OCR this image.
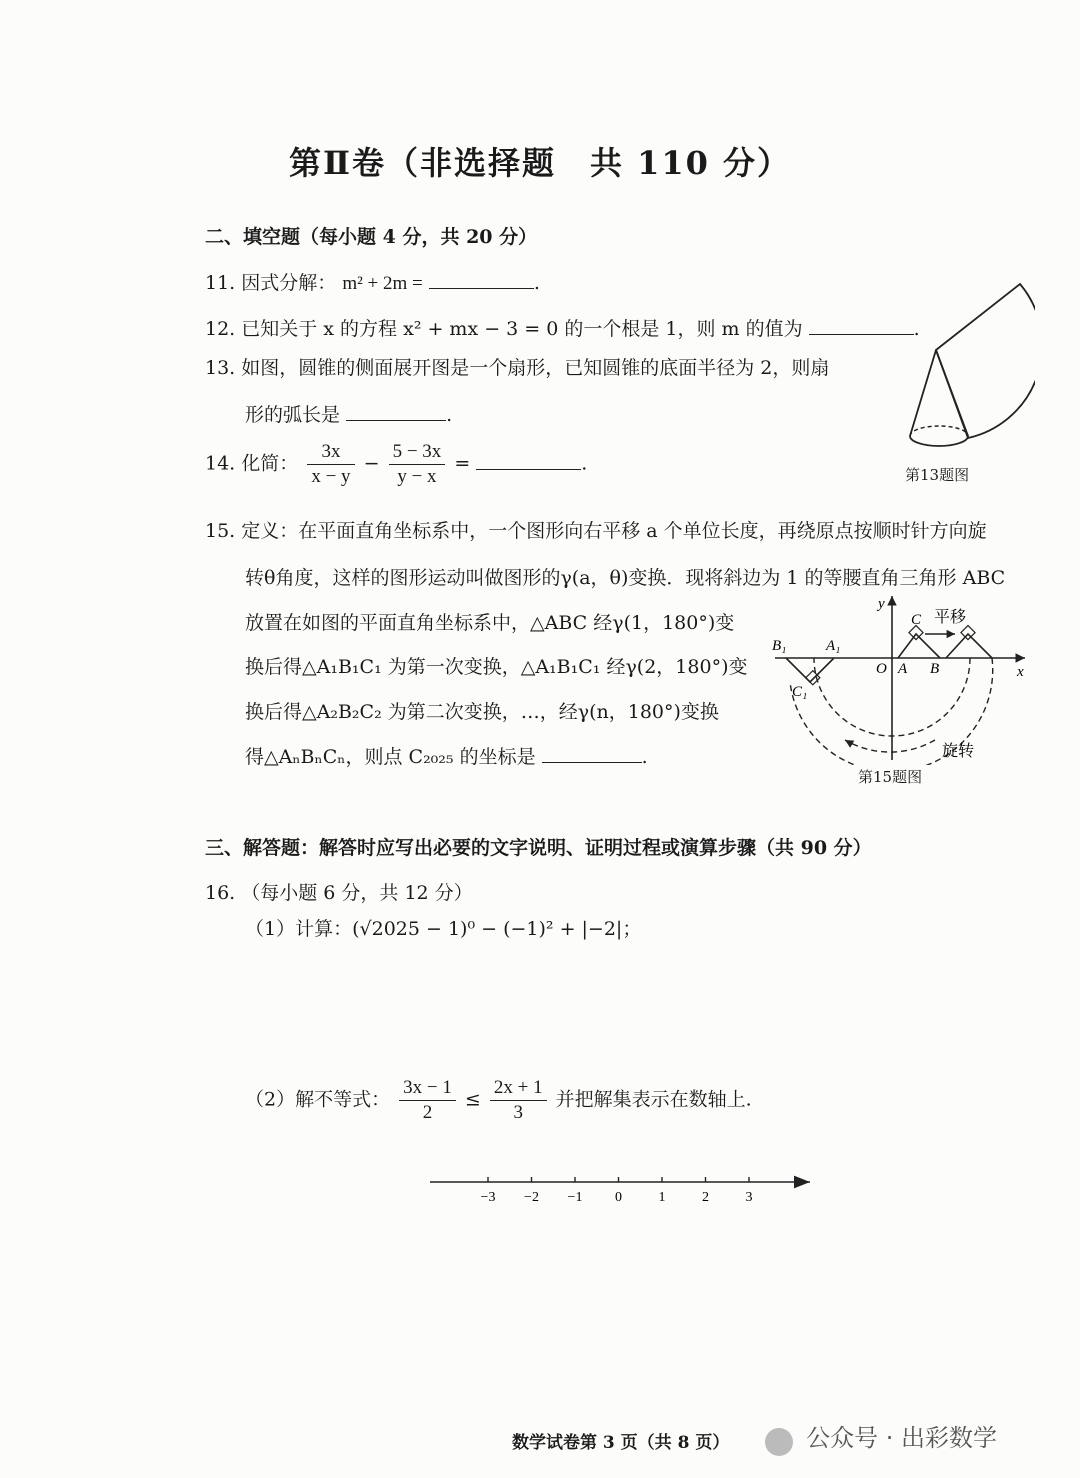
第Ⅱ卷（非选择题　共 110 分）
二、填空题（每小题 4 分，共 20 分）
11. 因式分解： m² + 2m =	.
12. 已知关于 x 的方程 x² + mx − 3 = 0 的一个根是 1，则 m 的值为	.
13. 如图，圆锥的侧面展开图是一个扇形，已知圆锥的底面半径为 2，则扇
形的弧长是	.
第13题图
14. 化简： $\frac{3x}{x - y} - \frac{5 - 3x}{y - x}$ =	.
15. 定义：在平面直角坐标系中，一个图形向右平移 a 个单位长度，再绕原点按顺时针方向旋
转θ角度，这样的图形运动叫做图形的γ(a，θ)变换．现将斜边为 1 的等腰直角三角形 ABC
放置在如图的平面直角坐标系中，△ABC 经γ(1，180°)变
换后得△A₁B₁C₁ 为第一次变换，△A₁B₁C₁ 经γ(2，180°)变
换后得△A₂B₂C₂ 为第二次变换，…，经γ(n，180°)变换
得△AₙBₙCₙ，则点 C₂₀₂₅ 的坐标是	.
y
x
C 平移
B₁	A₁
O A B
C₁
旋转
第15题图
三、解答题：解答时应写出必要的文字说明、证明过程或演算步骤（共 90 分）
16. （每小题 6 分，共 12 分）
（1）计算：(√2025 − 1)⁰ − (−1)² + |−2|；
（2）解不等式： $\frac{3x - 1}{2} \le \frac{2x + 1}{3}$ 并把解集表示在数轴上.
−3 −2 −1 0	1	2	3
数学试卷第 3 页（共 8 页）	公众号 · 出彩数学
